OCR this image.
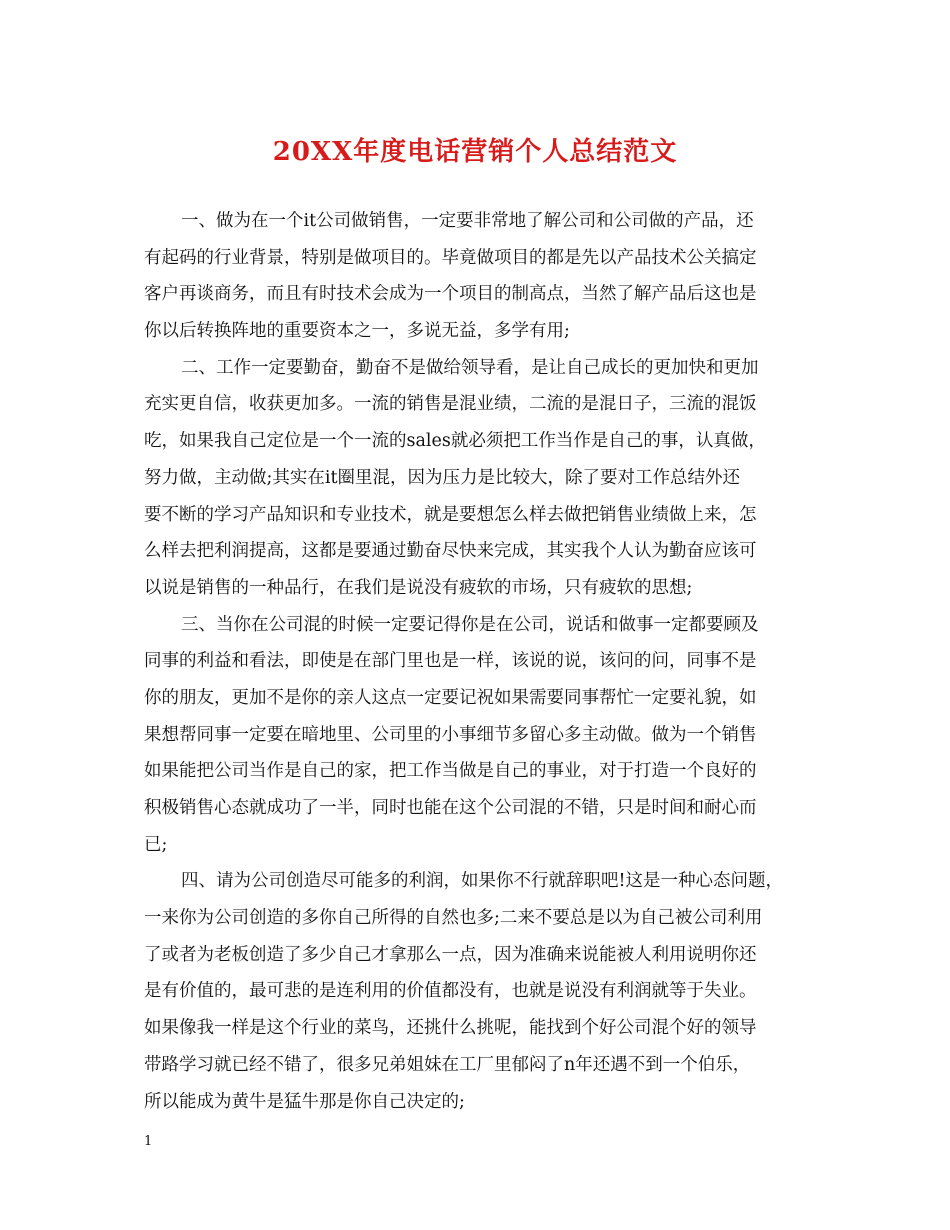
20XX年度电话营销个人总结范文
一、做为在一个it公司做销售，一定要非常地了解公司和公司做的产品，还
有起码的行业背景，特别是做项目的。毕竟做项目的都是先以产品技术公关搞定
客户再谈商务，而且有时技术会成为一个项目的制高点，当然了解产品后这也是
你以后转换阵地的重要资本之一，多说无益，多学有用;
二、工作一定要勤奋，勤奋不是做给领导看，是让自己成长的更加快和更加
充实更自信，收获更加多。一流的销售是混业绩，二流的是混日子，三流的混饭
吃，如果我自己定位是一个一流的sales就必须把工作当作是自己的事，认真做，
努力做，主动做;其实在it圈里混，因为压力是比较大，除了要对工作总结外还
要不断的学习产品知识和专业技术，就是要想怎么样去做把销售业绩做上来，怎
么样去把利润提高，这都是要通过勤奋尽快来完成，其实我个人认为勤奋应该可
以说是销售的一种品行，在我们是说没有疲软的市场，只有疲软的思想;
三、当你在公司混的时候一定要记得你是在公司，说话和做事一定都要顾及
同事的利益和看法，即使是在部门里也是一样，该说的说，该问的问，同事不是
你的朋友，更加不是你的亲人这点一定要记祝如果需要同事帮忙一定要礼貌，如
果想帮同事一定要在暗地里、公司里的小事细节多留心多主动做。做为一个销售
如果能把公司当作是自己的家，把工作当做是自己的事业，对于打造一个良好的
积极销售心态就成功了一半，同时也能在这个公司混的不错，只是时间和耐心而
已;
四、请为公司创造尽可能多的利润，如果你不行就辞职吧!这是一种心态问题，
一来你为公司创造的多你自己所得的自然也多;二来不要总是以为自己被公司利用
了或者为老板创造了多少自己才拿那么一点，因为准确来说能被人利用说明你还
是有价值的，最可悲的是连利用的价值都没有，也就是说没有利润就等于失业。
如果像我一样是这个行业的菜鸟，还挑什么挑呢，能找到个好公司混个好的领导
带路学习就已经不错了，很多兄弟姐妹在工厂里郁闷了n年还遇不到一个伯乐，
所以能成为黄牛是猛牛那是你自己决定的;
1
